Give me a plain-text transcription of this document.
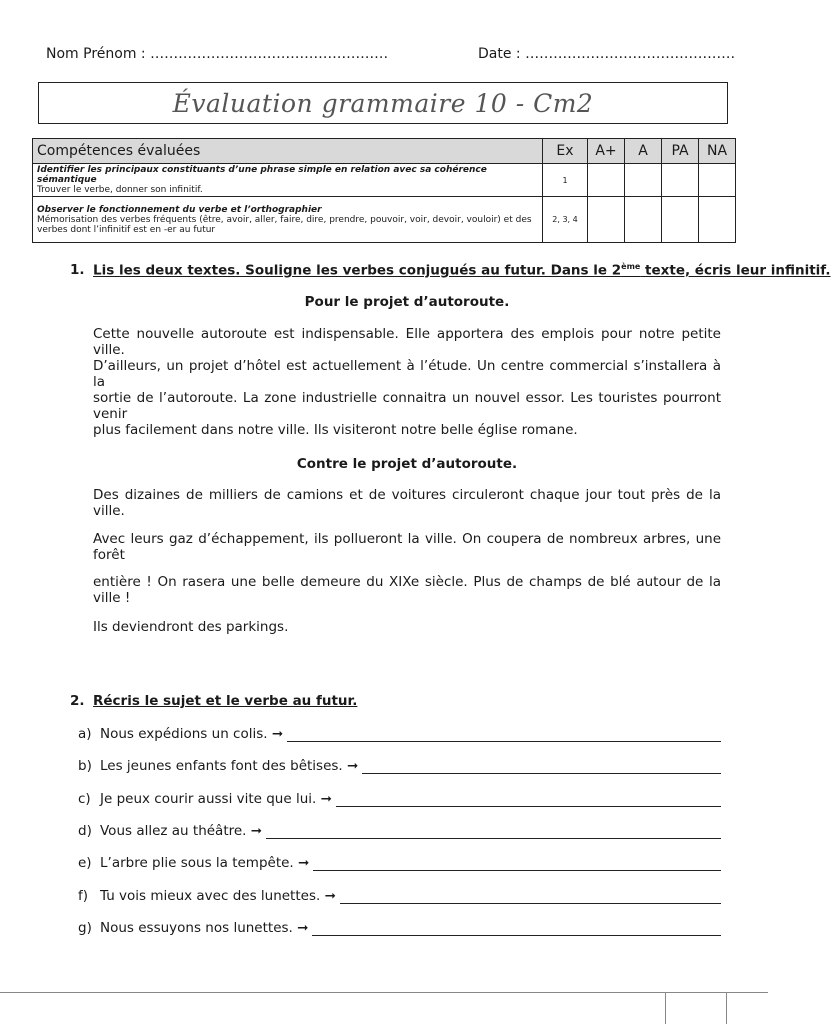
Nom Prénom : ……………………………………………	Date : ………………………………………
Évaluation grammaire 10 - Cm2
Compétences évaluées	Ex	A+	A	PA	NA

Identifier les principaux constituants d’une phrase simple en relation avec sa cohérence sémantique
Trouver le verbe, donner son infinitif.	1				

Observer le fonctionnement du verbe et l’orthographier
Mémorisation des verbes fréquents (être, avoir, aller, faire, dire, prendre, pouvoir, voir, devoir, vouloir) et des verbes dont l’infinitif est en -er au futur	2, 3, 4				
1. Lis les deux textes. Souligne les verbes conjugués au futur. Dans le 2ème texte, écris leur infinitif.
Pour le projet d’autoroute.

Cette nouvelle autoroute est indispensable. Elle apportera des emplois pour notre petite ville.

D’ailleurs, un projet d’hôtel est actuellement à l’étude. Un centre commercial s’installera à la

sortie de l’autoroute. La zone industrielle connaitra un nouvel essor. Les touristes pourront venir

plus facilement dans notre ville. Ils visiteront notre belle église romane.

Contre le projet d’autoroute.

Des dizaines de milliers de camions et de voitures circuleront chaque jour tout près de la ville.

Avec leurs gaz d’échappement, ils pollueront la ville. On coupera de nombreux arbres, une forêt

entière ! On rasera une belle demeure du XIXe siècle. Plus de champs de blé autour de la ville !

Ils deviendront des parkings.

2. Récris le sujet et le verbe au futur.
a) Nous expédions un colis. ➞
b) Les jeunes enfants font des bêtises. ➞
c) Je peux courir aussi vite que lui. ➞
d) Vous allez au théâtre. ➞
e) L’arbre plie sous la tempête. ➞
f) Tu vois mieux avec des lunettes. ➞
g) Nous essuyons nos lunettes. ➞
